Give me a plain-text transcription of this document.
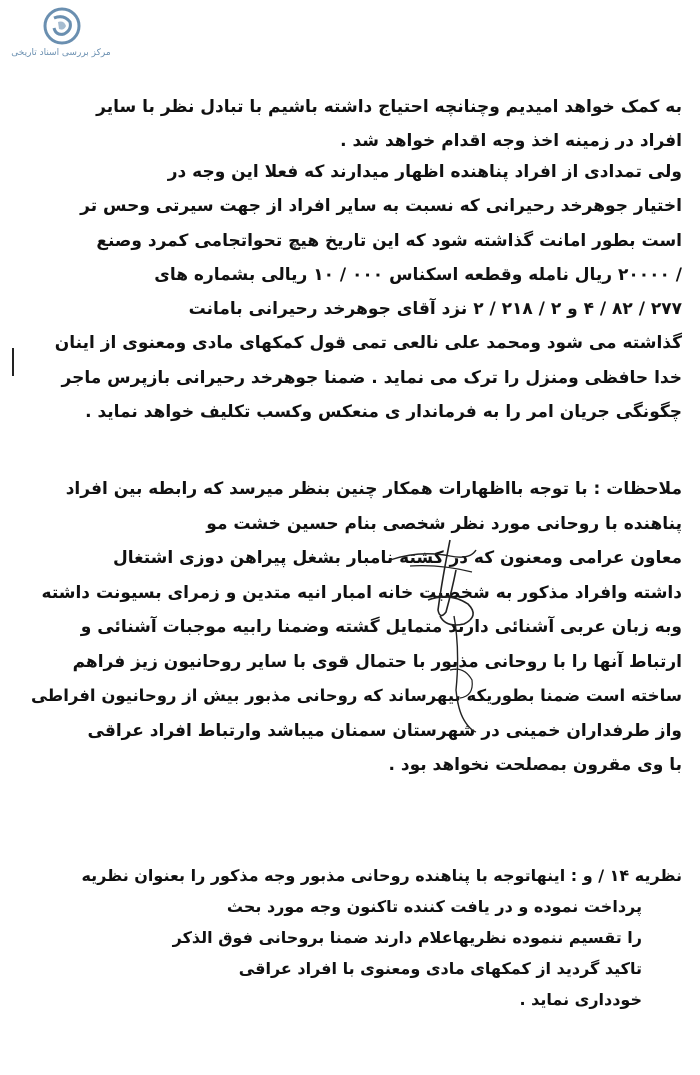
مرکز بررسی اسناد تاریخی
به کمک خواهد امیدیم وچنانچه احتیاج داشته باشیم با تبادل نظر با سایر
افراد در زمینه اخذ وجه اقدام خواهد شد .
ولی تمدادی از افراد پناهنده اظهار میدارند که فعلا این وجه در
اختیار جوهرخد رحیرانی که نسبت به سایر افراد از جهت سیرتی وحس تر
است بطور امانت گذاشته شود که این تاریخ هیچ تحواتجامی کمرد وصنع
/ ۲۰۰۰۰ ریال نامله وقطعه اسکناس ۰۰۰ / ۱۰ ریالی بشماره های
۲۷۷ / ۸۲ / ۴ و ۲ / ۲۱۸ / ۲ نزد آقای جوهرخد رحیرانی بامانت
گذاشته می شود ومحمد علی نالعی تمی قول کمکهای مادی ومعنوی از اینان
خدا حافظی ومنزل را ترک می نماید . ضمنا جوهرخد رحیرانی بازپرس ماجر
چگونگی جریان امر را به فرماندار ی منعکس وکسب تکلیف خواهد نماید .
ملاحظات : با توجه بااظهارات همکار چنین بنظر میرسد که رابطه بین افراد
پناهنده با روحانی مورد نظر شخصی بنام حسین خشت مو
معاون عرامی ومعنون که در کشته نامبار بشغل پیراهن دوزی اشتغال
داشته وافراد مذکور به شخصیت خانه امبار انیه متدین و زمرای بسیونت داشته
وبه زبان عربی آشنائی دارند متمایل گشته وضمنا رابیه موجبات آشنائی و
ارتباط آنها را با روحانی مذبور با حتمال قوی با سایر روحانیون زیز فراهم
ساخته است ضمنا بطوریکه بیهرساند که روحانی مذبور بیش از روحانیون افراطی
واز طرفداران خمینی در شهرستان سمنان میباشد وارتباط افراد عراقی
با وی مقرون بمصلحت نخواهد بود .
نظریه ۱۴ / و : اینهاتوجه با پناهنده روحانی مذبور وجه مذکور را بعنوان نظریه
پرداخت نموده و در یافت کننده تاکنون وجه مورد بحث
را تقسیم ننموده نظریهاعلام دارند ضمنا بروحانی فوق الذکر
تاکید گردید از کمکهای مادی ومعنوی با افراد عراقی
خودداری نماید .
